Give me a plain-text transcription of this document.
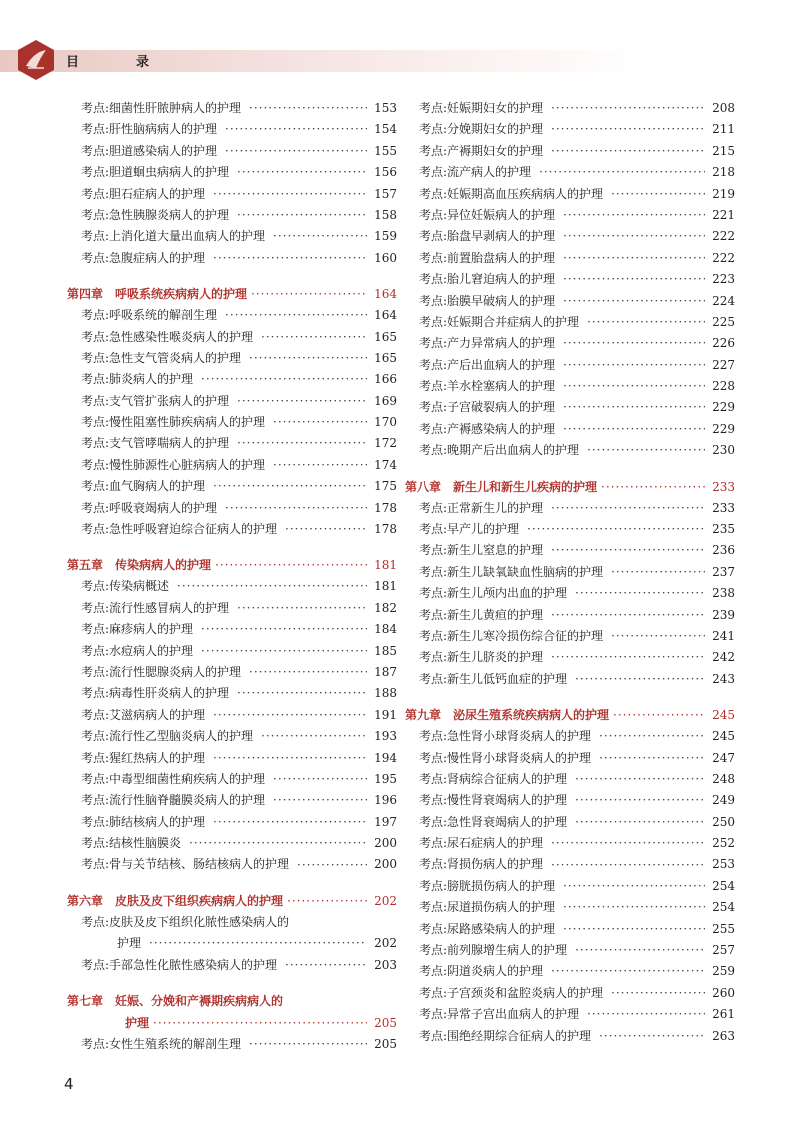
目　录
考点:细菌性肝脓肿病人的护理 ·····	153
考点:肝性脑病病人的护理 ·····	154
考点:胆道感染病人的护理 ·····	155
考点:胆道蛔虫病病人的护理 ·····	156
考点:胆石症病人的护理 ·····	157
考点:急性胰腺炎病人的护理 ·····	158
考点:上消化道大量出血病人的护理 ·····	159
考点:急腹症病人的护理 ·····	160
第四章 呼吸系统疾病病人的护理 ·····	164
考点:呼吸系统的解剖生理 ·····	164
考点:急性感染性喉炎病人的护理 ·····	165
考点:急性支气管炎病人的护理 ·····	165
考点:肺炎病人的护理 ·····	166
考点:支气管扩张病人的护理 ·····	169
考点:慢性阻塞性肺疾病病人的护理 ·····	170
考点:支气管哮喘病人的护理 ·····	172
考点:慢性肺源性心脏病病人的护理 ·····	174
考点:血气胸病人的护理 ·····	175
考点:呼吸衰竭病人的护理 ·····	178
考点:急性呼吸窘迫综合征病人的护理 ·····	178
第五章 传染病病人的护理 ·····	181
考点:传染病概述 ·····	181
考点:流行性感冒病人的护理 ·····	182
考点:麻疹病人的护理 ·····	184
考点:水痘病人的护理 ·····	185
考点:流行性腮腺炎病人的护理 ·····	187
考点:病毒性肝炎病人的护理 ·····	188
考点:艾滋病病人的护理 ·····	191
考点:流行性乙型脑炎病人的护理 ·····	193
考点:猩红热病人的护理 ·····	194
考点:中毒型细菌性痢疾病人的护理 ·····	195
考点:流行性脑脊髓膜炎病人的护理 ·····	196
考点:肺结核病人的护理 ·····	197
考点:结核性脑膜炎 ·····	200
考点:骨与关节结核、肠结核病人的护理 ·····	200
第六章 皮肤及皮下组织疾病病人的护理 ·····	202
考点:皮肤及皮下组织化脓性感染病人的
护理 ·····	202
考点:手部急性化脓性感染病人的护理 ·····	203
第七章 妊娠、分娩和产褥期疾病病人的
护理 ·····	205
考点:女性生殖系统的解剖生理 ·····	205
考点:妊娠期妇女的护理 ·····	208
考点:分娩期妇女的护理 ·····	211
考点:产褥期妇女的护理 ·····	215
考点:流产病人的护理 ·····	218
考点:妊娠期高血压疾病病人的护理 ·····	219
考点:异位妊娠病人的护理 ·····	221
考点:胎盘早剥病人的护理 ·····	222
考点:前置胎盘病人的护理 ·····	222
考点:胎儿窘迫病人的护理 ·····	223
考点:胎膜早破病人的护理 ·····	224
考点:妊娠期合并症病人的护理 ·····	225
考点:产力异常病人的护理 ·····	226
考点:产后出血病人的护理 ·····	227
考点:羊水栓塞病人的护理 ·····	228
考点:子宫破裂病人的护理 ·····	229
考点:产褥感染病人的护理 ·····	229
考点:晚期产后出血病人的护理 ·····	230
第八章 新生儿和新生儿疾病的护理 ·····	233
考点:正常新生儿的护理 ·····	233
考点:早产儿的护理 ·····	235
考点:新生儿窒息的护理 ·····	236
考点:新生儿缺氧缺血性脑病的护理 ·····	237
考点:新生儿颅内出血的护理 ·····	238
考点:新生儿黄疸的护理 ·····	239
考点:新生儿寒冷损伤综合征的护理 ·····	241
考点:新生儿脐炎的护理 ·····	242
考点:新生儿低钙血症的护理 ·····	243
第九章 泌尿生殖系统疾病病人的护理 ·····	245
考点:急性肾小球肾炎病人的护理 ·····	245
考点:慢性肾小球肾炎病人的护理 ·····	247
考点:肾病综合征病人的护理 ·····	248
考点:慢性肾衰竭病人的护理 ·····	249
考点:急性肾衰竭病人的护理 ·····	250
考点:尿石症病人的护理 ·····	252
考点:肾损伤病人的护理 ·····	253
考点:膀胱损伤病人的护理 ·····	254
考点:尿道损伤病人的护理 ·····	254
考点:尿路感染病人的护理 ·····	255
考点:前列腺增生病人的护理 ·····	257
考点:阴道炎病人的护理 ·····	259
考点:子宫颈炎和盆腔炎病人的护理 ·····	260
考点:异常子宫出血病人的护理 ·····	261
考点:围绝经期综合征病人的护理 ·····	263
4
